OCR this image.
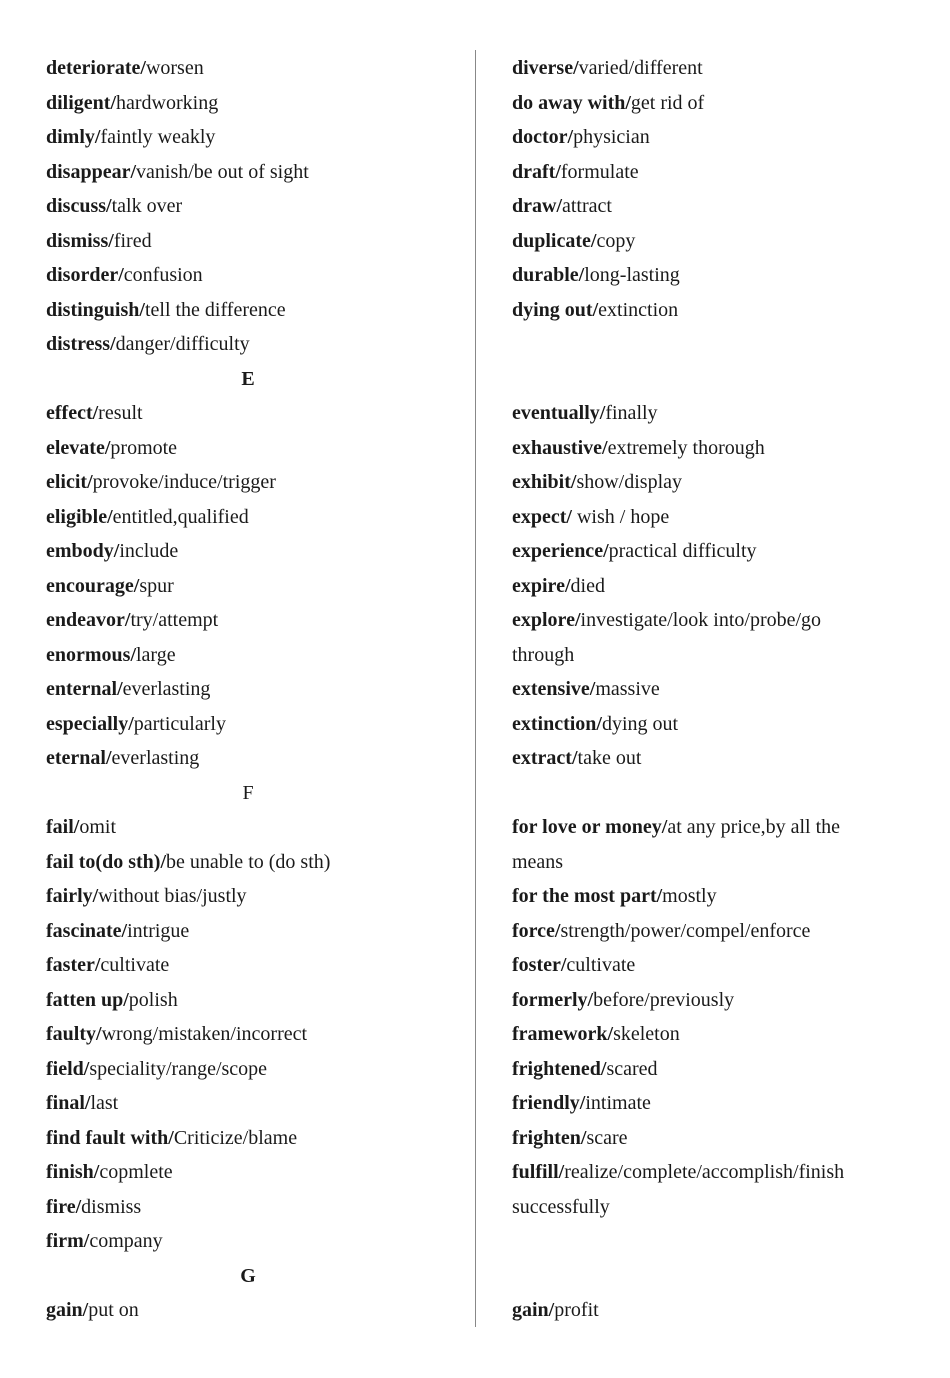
deteriorate/worsen
diligent/hardworking
dimly/faintly weakly
disappear/vanish/be out of sight
discuss/talk over
dismiss/fired
disorder/confusion
distinguish/tell the difference
distress/danger/difficulty
E
effect/result
elevate/promote
elicit/provoke/induce/trigger
eligible/entitled,qualified
embody/include
encourage/spur
endeavor/try/attempt
enormous/large
enternal/everlasting
especially/particularly
eternal/everlasting
F
fail/omit
fail to(do sth)/be unable to (do sth)
fairly/without bias/justly
fascinate/intrigue
faster/cultivate
fatten up/polish
faulty/wrong/mistaken/incorrect
field/speciality/range/scope
final/last
find fault with/Criticize/blame
finish/copmlete
fire/dismiss
firm/company
G
gain/put on
diverse/varied/different
do away with/get rid of
doctor/physician
draft/formulate
draw/attract
duplicate/copy
durable/long-lasting
dying out/extinction
eventually/finally
exhaustive/extremely thorough
exhibit/show/display
expect/ wish / hope
experience/practical difficulty
expire/died
explore/investigate/look into/probe/go
through
extensive/massive
extinction/dying out
extract/take out
for love or money/at any price,by all the
means
for the most part/mostly
force/strength/power/compel/enforce
foster/cultivate
formerly/before/previously
framework/skeleton
frightened/scared
friendly/intimate
frighten/scare
fulfill/realize/complete/accomplish/finish
successfully
gain/profit
